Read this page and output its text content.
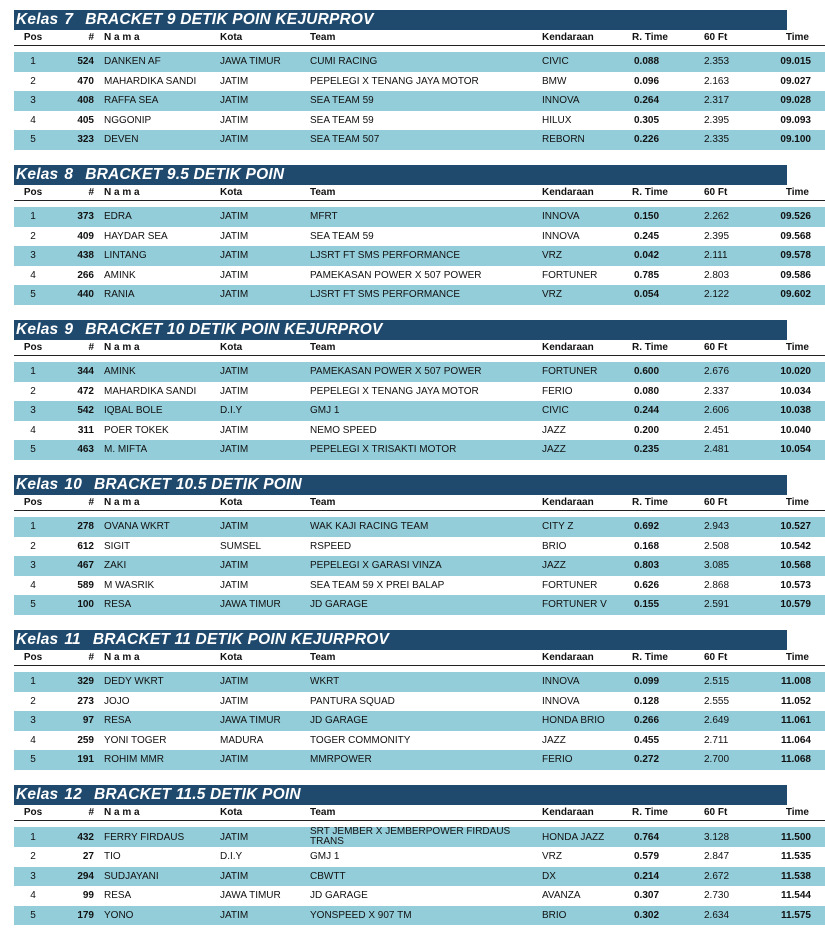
Kelas 7 BRACKET 9 DETIK POIN KEJURPROV
Pos	#	N a m a	Kota	Team	Kendaraan	R. Time	60 Ft	Time

1	524	DANKEN AF	JAWA TIMUR	CUMI RACING	CIVIC	0.088	2.353	09.015
2	470	MAHARDIKA SANDI	JATIM	PEPELEGI X TENANG JAYA MOTOR	BMW	0.096	2.163	09.027
3	408	RAFFA SEA	JATIM	SEA TEAM 59	INNOVA	0.264	2.317	09.028
4	405	NGGONIP	JATIM	SEA TEAM 59	HILUX	0.305	2.395	09.093
5	323	DEVEN	JATIM	SEA TEAM 507	REBORN	0.226	2.335	09.100
Kelas 8 BRACKET 9.5 DETIK POIN
Pos	#	N a m a	Kota	Team	Kendaraan	R. Time	60 Ft	Time

1	373	EDRA	JATIM	MFRT	INNOVA	0.150	2.262	09.526
2	409	HAYDAR SEA	JATIM	SEA TEAM 59	INNOVA	0.245	2.395	09.568
3	438	LINTANG	JATIM	LJSRT FT SMS PERFORMANCE	VRZ	0.042	2.111	09.578
4	266	AMINK	JATIM	PAMEKASAN POWER X 507 POWER	FORTUNER	0.785	2.803	09.586
5	440	RANIA	JATIM	LJSRT FT SMS PERFORMANCE	VRZ	0.054	2.122	09.602
Kelas 9 BRACKET 10 DETIK POIN KEJURPROV
Pos	#	N a m a	Kota	Team	Kendaraan	R. Time	60 Ft	Time

1	344	AMINK	JATIM	PAMEKASAN POWER X 507 POWER	FORTUNER	0.600	2.676	10.020
2	472	MAHARDIKA SANDI	JATIM	PEPELEGI X TENANG JAYA MOTOR	FERIO	0.080	2.337	10.034
3	542	IQBAL BOLE	D.I.Y	GMJ 1	CIVIC	0.244	2.606	10.038
4	311	POER TOKEK	JATIM	NEMO SPEED	JAZZ	0.200	2.451	10.040
5	463	M. MIFTA	JATIM	PEPELEGI X TRISAKTI MOTOR	JAZZ	0.235	2.481	10.054
Kelas 10 BRACKET 10.5 DETIK POIN
Pos	#	N a m a	Kota	Team	Kendaraan	R. Time	60 Ft	Time

1	278	OVANA WKRT	JATIM	WAK KAJI RACING TEAM	CITY Z	0.692	2.943	10.527
2	612	SIGIT	SUMSEL	RSPEED	BRIO	0.168	2.508	10.542
3	467	ZAKI	JATIM	PEPELEGI X GARASI VINZA	JAZZ	0.803	3.085	10.568
4	589	M WASRIK	JATIM	SEA TEAM 59 X PREI BALAP	FORTUNER	0.626	2.868	10.573
5	100	RESA	JAWA TIMUR	JD GARAGE	FORTUNER V	0.155	2.591	10.579
Kelas 11 BRACKET 11 DETIK POIN KEJURPROV
Pos	#	N a m a	Kota	Team	Kendaraan	R. Time	60 Ft	Time

1	329	DEDY WKRT	JATIM	WKRT	INNOVA	0.099	2.515	11.008
2	273	JOJO	JATIM	PANTURA SQUAD	INNOVA	0.128	2.555	11.052
3	97	RESA	JAWA TIMUR	JD GARAGE	HONDA BRIO	0.266	2.649	11.061
4	259	YONI TOGER	MADURA	TOGER COMMONITY	JAZZ	0.455	2.711	11.064
5	191	ROHIM MMR	JATIM	MMRPOWER	FERIO	0.272	2.700	11.068
Kelas 12 BRACKET 11.5 DETIK POIN
Pos	#	N a m a	Kota	Team	Kendaraan	R. Time	60 Ft	Time

1	432	FERRY FIRDAUS	JATIM	SRT JEMBER X JEMBERPOWER FIRDAUS TRANS	HONDA JAZZ	0.764	3.128	11.500
2	27	TIO	D.I.Y	GMJ 1	VRZ	0.579	2.847	11.535
3	294	SUDJAYANI	JATIM	CBWTT	DX	0.214	2.672	11.538
4	99	RESA	JAWA TIMUR	JD GARAGE	AVANZA	0.307	2.730	11.544
5	179	YONO	JATIM	YONSPEED X 907 TM	BRIO	0.302	2.634	11.575
